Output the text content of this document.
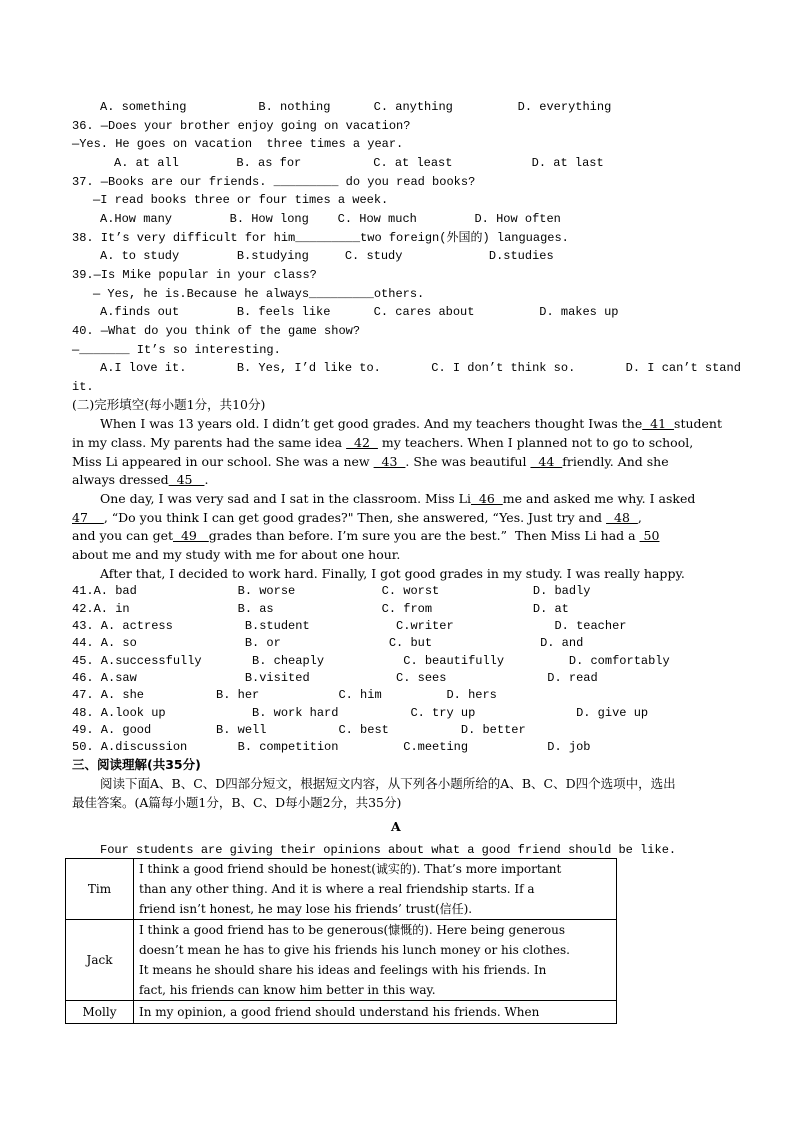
A. something          B. nothing      C. anything         D. everything
36. —Does your brother enjoy going on vacation?
—Yes. He goes on vacation  three times a year.
A. at all        B. as for          C. at least           D. at last
37. —Books are our friends. _________ do you read books?
—I read books three or four times a week.
A.How many        B. How long    C. How much        D. How often
38. It’s very difficult for him_________two foreign(外国的) languages.
A. to study        B.studying     C. study            D.studies
39.—Is Mike popular in your class?
— Yes, he is.Because he always_________others.
A.finds out        B. feels like      C. cares about         D. makes up
40. —What do you think of the game show?
—_______ It’s so interesting.
A.I love it.       B. Yes, I’d like to.       C. I don’t think so.       D. I can’t stand
it.
(二)完形填空(每小题1分，共10分)
When I was 13 years old. I didn’t get good grades. And my teachers thought Iwas the  41  student
in my class. My parents had the same idea   42   my teachers. When I planned not to go to school,
Miss Li appeared in our school. She was a new   43  . She was beautiful   44  friendly. And she
always dressed  45   .
One day, I was very sad and I sat in the classroom. Miss Li  46  me and asked me why. I asked
47    , “Do you think I can get good grades?" Then, she answered, “Yes. Just try and   48  ,
and you can get  49   grades than before. I’m sure you are the best.”  Then Miss Li had a  50
about me and my study with me for about one hour.
After that, I decided to work hard. Finally, I got good grades in my study. I was really happy.
41.A. bad              B. worse            C. worst             D. badly
42.A. in               B. as               C. from              D. at
43. A. actress          B.student            C.writer              D. teacher
44. A. so               B. or               C. but               D. and
45. A.successfully       B. cheaply           C. beautifully         D. comfortably
46. A.saw               B.visited            C. sees              D. read
47. A. she          B. her           C. him         D. hers
48. A.look up            B. work hard          C. try up              D. give up
49. A. good         B. well          C. best          D. better
50. A.discussion       B. competition         C.meeting           D. job
三、阅读理解(共35分)
阅读下面A、B、C、D四部分短文，根据短文内容，从下列各小题所给的A、B、C、D四个选项中，选出
最佳答案。(A篇每小题1分，B、C、D每小题2分，共35分)
A
Four students are giving their opinions about what a good friend should be like.
Tim	I think a good friend should be honest(诚实的). That’s more important
than any other thing. And it is where a real friendship starts. If a
friend isn’t honest, he may lose his friends’ trust(信任).

Jack	I think a good friend has to be generous(慷慨的). Here being generous
doesn’t mean he has to give his friends his lunch money or his clothes.
It means he should share his ideas and feelings with his friends. In
fact, his friends can know him better in this way.

Molly	In my opinion, a good friend should understand his friends. When
